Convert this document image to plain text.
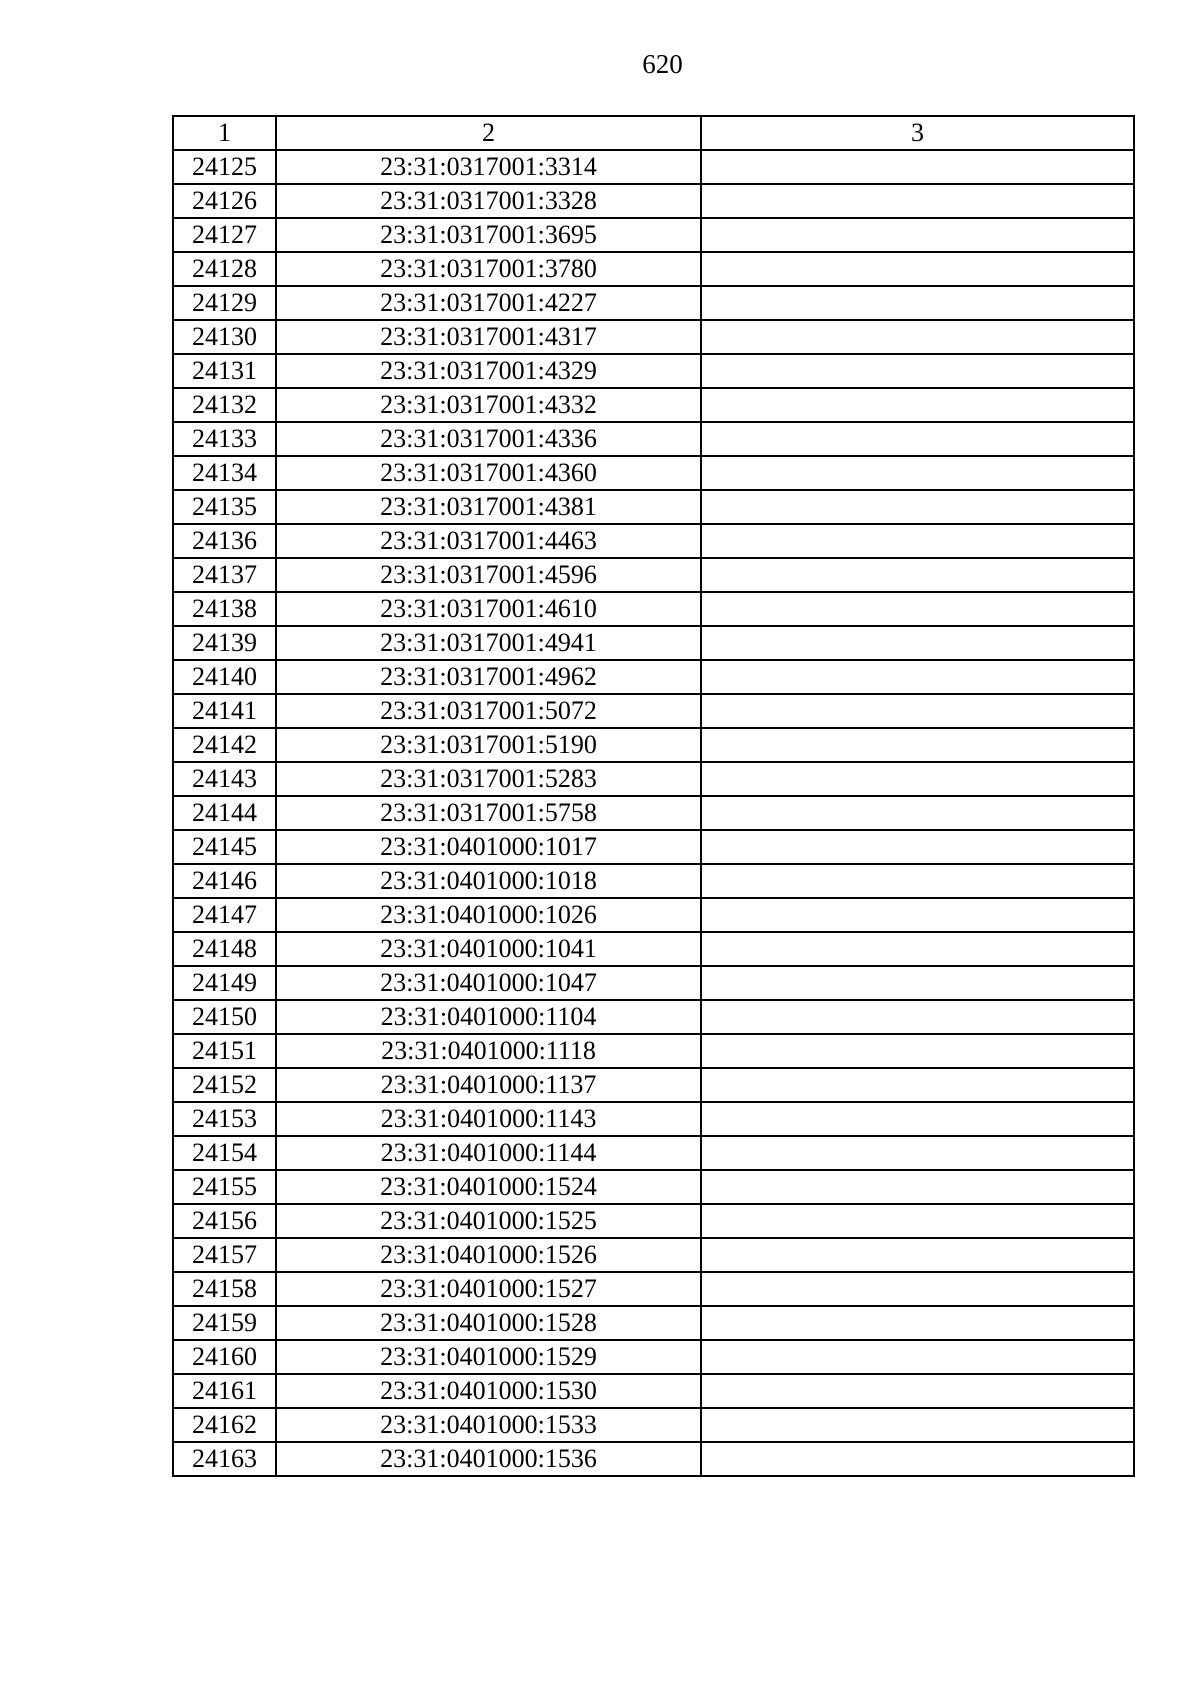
620
1	2	3
24125	23:31:0317001:3314	
24126	23:31:0317001:3328	
24127	23:31:0317001:3695	
24128	23:31:0317001:3780	
24129	23:31:0317001:4227	
24130	23:31:0317001:4317	
24131	23:31:0317001:4329	
24132	23:31:0317001:4332	
24133	23:31:0317001:4336	
24134	23:31:0317001:4360	
24135	23:31:0317001:4381	
24136	23:31:0317001:4463	
24137	23:31:0317001:4596	
24138	23:31:0317001:4610	
24139	23:31:0317001:4941	
24140	23:31:0317001:4962	
24141	23:31:0317001:5072	
24142	23:31:0317001:5190	
24143	23:31:0317001:5283	
24144	23:31:0317001:5758	
24145	23:31:0401000:1017	
24146	23:31:0401000:1018	
24147	23:31:0401000:1026	
24148	23:31:0401000:1041	
24149	23:31:0401000:1047	
24150	23:31:0401000:1104	
24151	23:31:0401000:1118	
24152	23:31:0401000:1137	
24153	23:31:0401000:1143	
24154	23:31:0401000:1144	
24155	23:31:0401000:1524	
24156	23:31:0401000:1525	
24157	23:31:0401000:1526	
24158	23:31:0401000:1527	
24159	23:31:0401000:1528	
24160	23:31:0401000:1529	
24161	23:31:0401000:1530	
24162	23:31:0401000:1533	
24163	23:31:0401000:1536	
